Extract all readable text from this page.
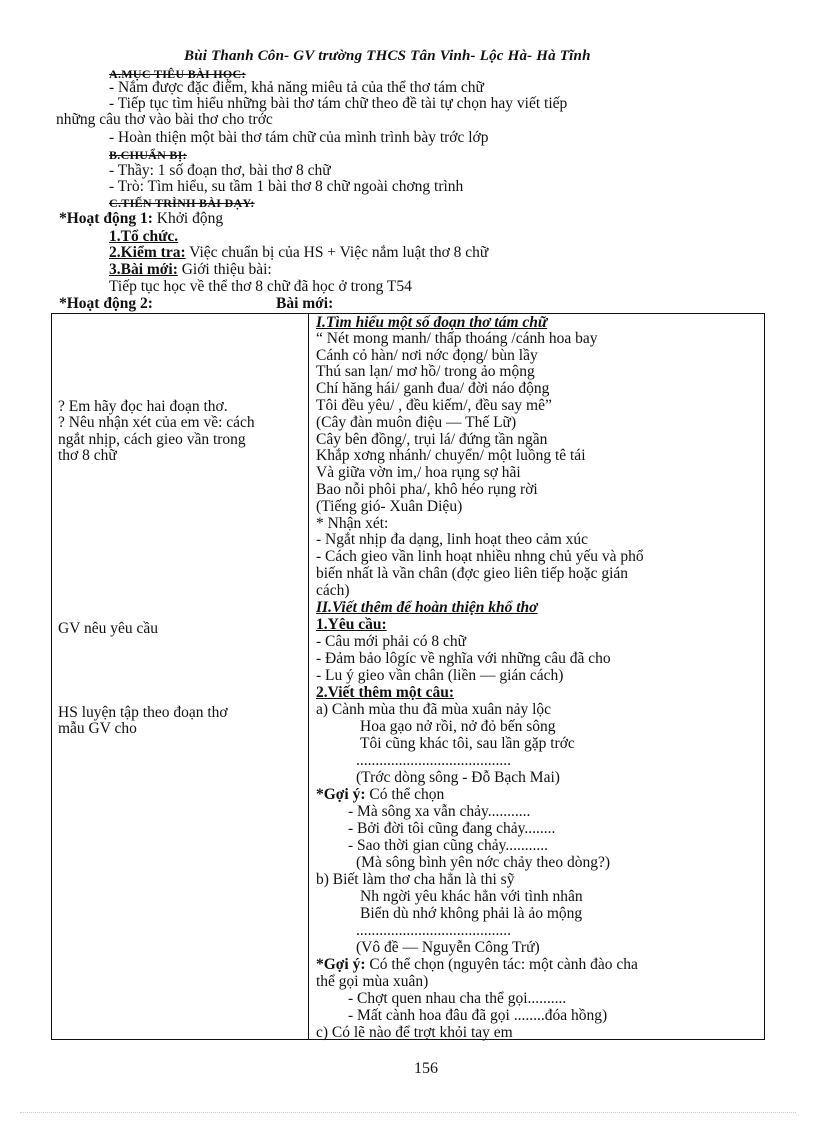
Bùi Thanh Côn- GV trường THCS Tân Vinh- Lộc Hà- Hà Tĩnh
A.MỤC TIÊU BÀI HỌC:
- Nắm được đặc điểm, khả năng miêu tả của thể thơ tám chữ
- Tiếp tục tìm hiểu những bài thơ tám chữ theo đề tài tự chọn hay viết tiếp
những câu thơ vào bài thơ cho trớc
- Hoàn thiện một bài thơ tám chữ của mình trình bày trớc lớp
B.CHUẨN BỊ:
- Thầy: 1 số đoạn thơ, bài thơ 8 chữ
- Trò: Tìm hiểu, su tầm 1 bài thơ 8 chữ ngoài chơng trình
C.TIẾN TRÌNH BÀI DẠY:
*Hoạt động 1: Khởi động
1.Tổ chức.
2.Kiểm tra: Việc chuẩn bị của HS + Việc nắm luật thơ 8 chữ
3.Bài mới: Giới thiệu bài:
Tiếp tục học về thể thơ 8 chữ đã học ở trong T54
*Hoạt động 2:	Bài mới:
? Em hãy đọc hai đoạn thơ.
? Nêu nhận xét của em về: cách
ngắt nhịp, cách gieo vần trong
thơ 8 chữ
GV nêu yêu cầu
HS luyện tập theo đoạn thơ
mẫu GV cho
I.Tìm hiểu một số đoạn thơ tám chữ
“ Nét mong manh/ thấp thoáng /cánh hoa bay
Cánh cỏ hàn/ nơi nớc đọng/ bùn lầy
Thú san lạn/ mơ hồ/ trong ảo mộng
Chí hăng hái/ ganh đua/ đời náo động
Tôi đều yêu/ , đều kiếm/, đều say mê”
(Cây đàn muôn điệu — Thế Lữ)
Cây bên đồng/, trụi lá/ đứng tần ngần
Khắp xơng nhánh/ chuyển/ một luồng tê tái
Và giữa vờn im,/ hoa rụng sợ hãi
Bao nỗi phôi pha/, khô héo rụng rời
(Tiếng gió- Xuân Diệu)
* Nhận xét:
- Ngắt nhịp đa dạng, linh hoạt theo cảm xúc
- Cách gieo vần linh hoạt nhiều nhng chủ yếu và phổ
biến nhất là vần chân (đợc gieo liên tiếp hoặc gián
cách)
II.Viết thêm để hoàn thiện khổ thơ
1.Yêu cầu:
- Câu mới phải có 8 chữ
- Đảm bảo lôgíc về nghĩa với những câu đã cho
- Lu ý gieo vần chân (liền — gián cách)
2.Viết thêm một câu:
a) Cành mùa thu đã mùa xuân nảy lộc
Hoa gạo nở rồi, nở đỏ bến sông
Tôi cũng khác tôi, sau lần gặp trớc
........................................
(Trớc dòng sông - Đỗ Bạch Mai)
*Gợi ý: Có thể chọn
- Mà sông xa vẫn chảy...........
- Bởi đời tôi cũng đang chảy........
- Sao thời gian cũng chảy...........
(Mà sông bình yên nớc chảy theo dòng?)
b) Biết làm thơ cha hẳn là thi sỹ
Nh ngời yêu khác hẳn với tình nhân
Biển dù nhớ không phải là ảo mộng
........................................
(Vô đề — Nguyễn Công Trứ)
*Gợi ý: Có thể chọn (nguyên tác: một cành đào cha
thể gọi mùa xuân)
- Chợt quen nhau cha thể gọi..........
- Mất cành hoa đâu đã gọi ........đóa hồng)
c) Có lẽ nào để trợt khỏi tay em
156
